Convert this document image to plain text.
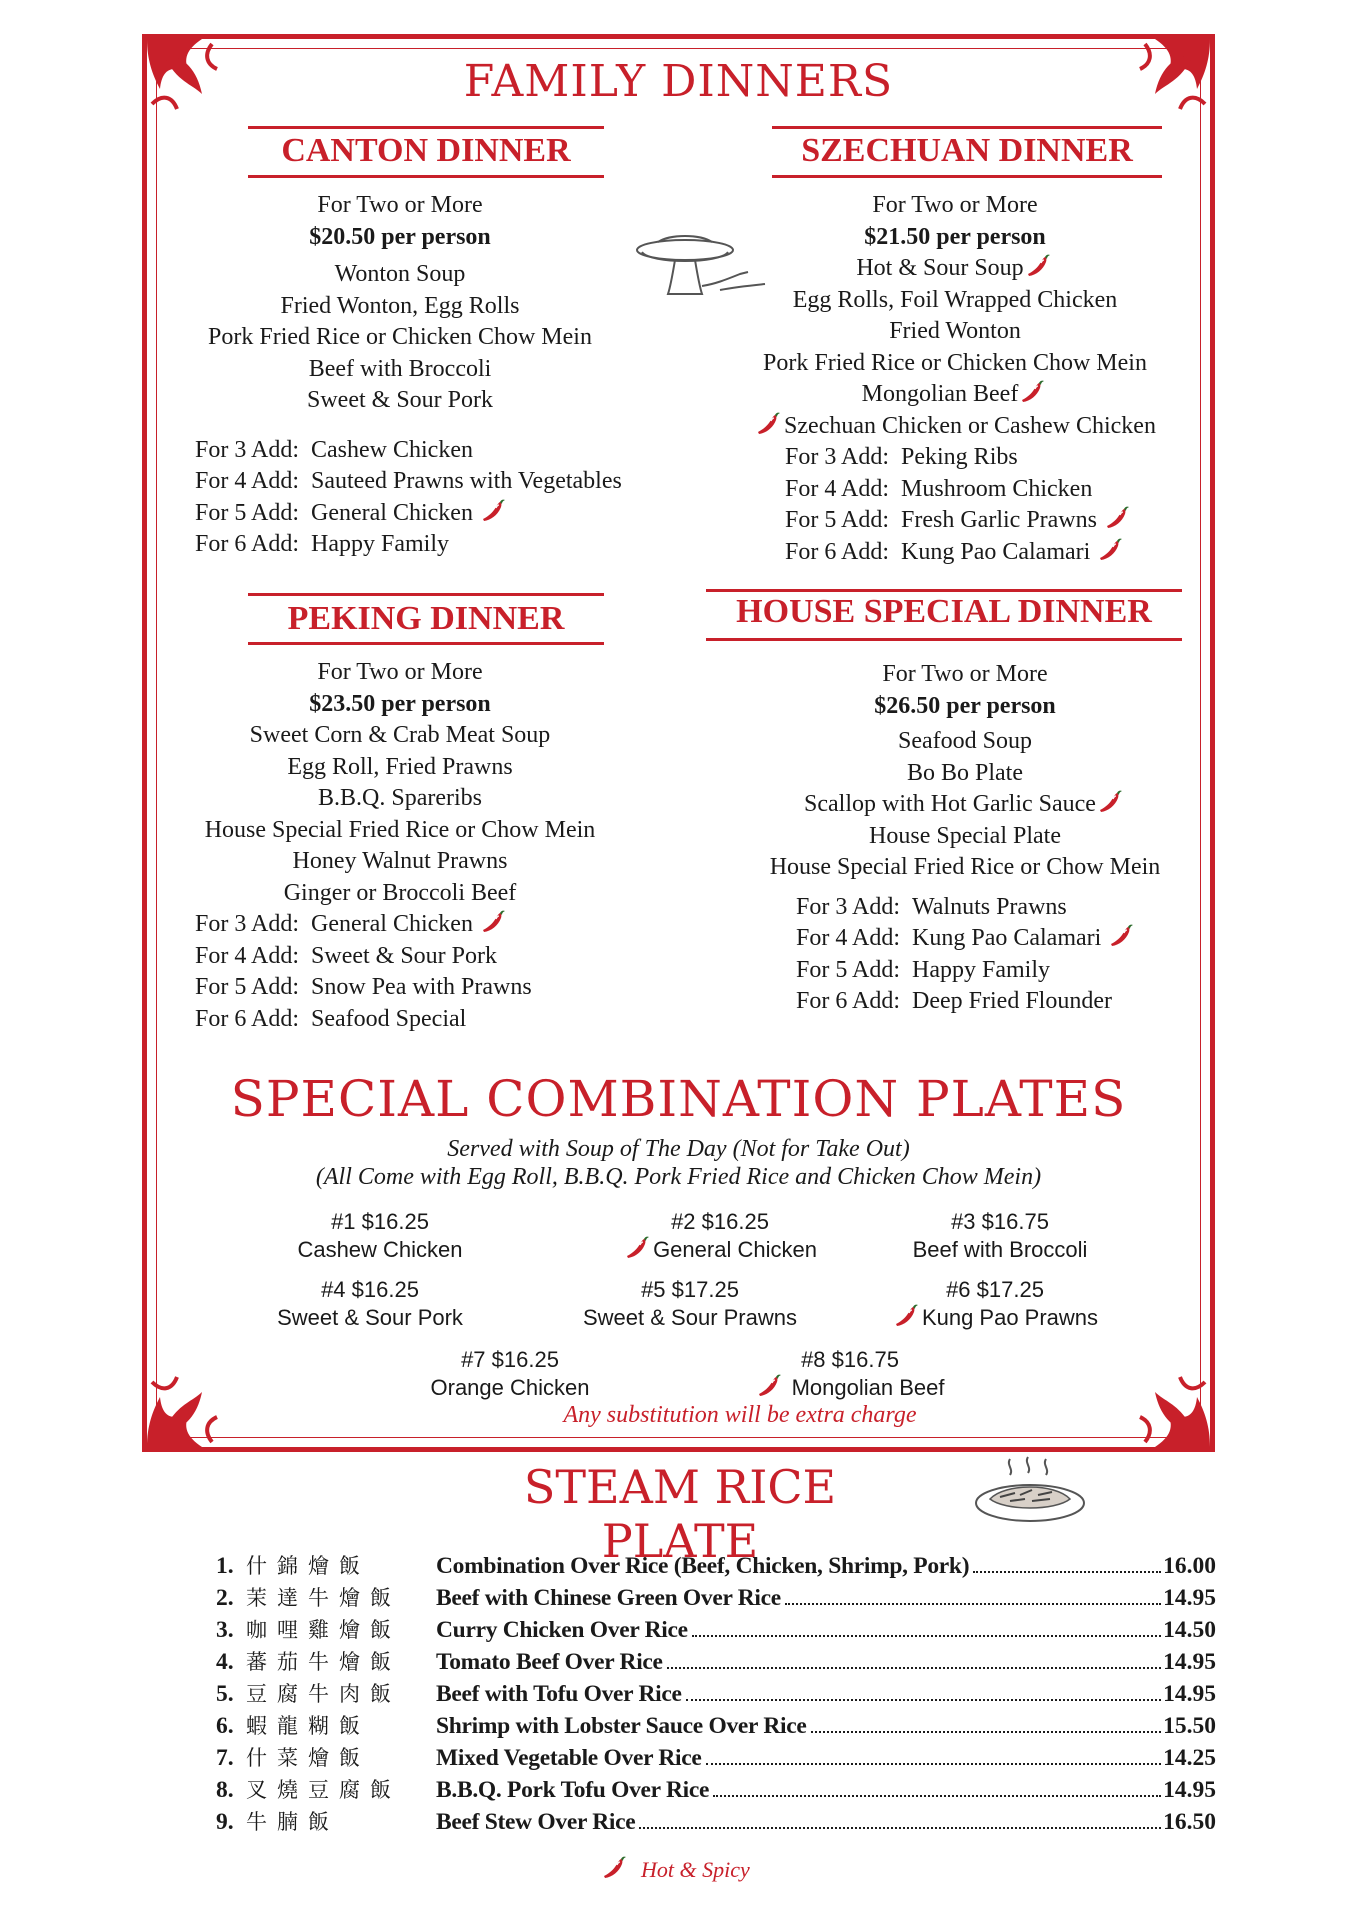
FAMILY DINNERS
CANTON DINNER	SZECHUAN DINNER
PEKING DINNER	HOUSE SPECIAL DINNER
For Two or More
$20.50 per person
Wonton Soup
Fried Wonton, Egg Rolls
Pork Fried Rice or Chicken Chow Mein
Beef with Broccoli
Sweet & Sour Pork
For 3 Add: Cashew Chicken
For 4 Add: Sauteed Prawns with Vegetables
For 5 Add: General Chicken
For 6 Add: Happy Family
For Two or More
$21.50 per person
Hot & Sour Soup
Egg Rolls, Foil Wrapped Chicken
Fried Wonton
Pork Fried Rice or Chicken Chow Mein
Mongolian Beef
Szechuan Chicken or Cashew Chicken
For 3 Add: Peking Ribs
For 4 Add: Mushroom Chicken
For 5 Add: Fresh Garlic Prawns
For 6 Add: Kung Pao Calamari
For Two or More
$23.50 per person
Sweet Corn & Crab Meat Soup
Egg Roll, Fried Prawns
B.B.Q. Spareribs
House Special Fried Rice or Chow Mein
Honey Walnut Prawns
Ginger or Broccoli Beef
For 3 Add: General Chicken
For 4 Add: Sweet & Sour Pork
For 5 Add: Snow Pea with Prawns
For 6 Add: Seafood Special
For Two or More
$26.50 per person
Seafood Soup
Bo Bo Plate
Scallop with Hot Garlic Sauce
House Special Plate
House Special Fried Rice or Chow Mein
For 3 Add: Walnuts Prawns
For 4 Add: Kung Pao Calamari
For 5 Add: Happy Family
For 6 Add: Deep Fried Flounder
SPECIAL COMBINATION PLATES
Served with Soup of The Day (Not for Take Out)
(All Come with Egg Roll, B.B.Q. Pork Fried Rice and Chicken Chow Mein)
#1 $16.25
Cashew Chicken
#2 $16.25
General Chicken
#3 $16.75
Beef with Broccoli
#4 $16.25
Sweet & Sour Pork
#5 $17.25
Sweet & Sour Prawns
#6 $17.25
Kung Pao Prawns
#7 $16.25
Orange Chicken
#8 $16.75
Mongolian Beef
Any substitution will be extra charge
STEAM RICE PLATE
1. 什錦燴飯	Combination Over Rice (Beef, Chicken, Shrimp, Pork)	16.00
2. 茉達牛燴飯	Beef with Chinese Green Over Rice	14.95
3. 咖哩雞燴飯	Curry Chicken Over Rice	14.50
4. 蕃茄牛燴飯	Tomato Beef Over Rice	14.95
5. 豆腐牛肉飯	Beef with Tofu Over Rice	14.95
6. 蝦龍糊飯	Shrimp with Lobster Sauce Over Rice	15.50
7. 什菜燴飯	Mixed Vegetable Over Rice	14.25
8. 叉燒豆腐飯	B.B.Q. Pork Tofu Over Rice	14.95
9. 牛腩飯	Beef Stew Over Rice	16.50
Hot & Spicy
